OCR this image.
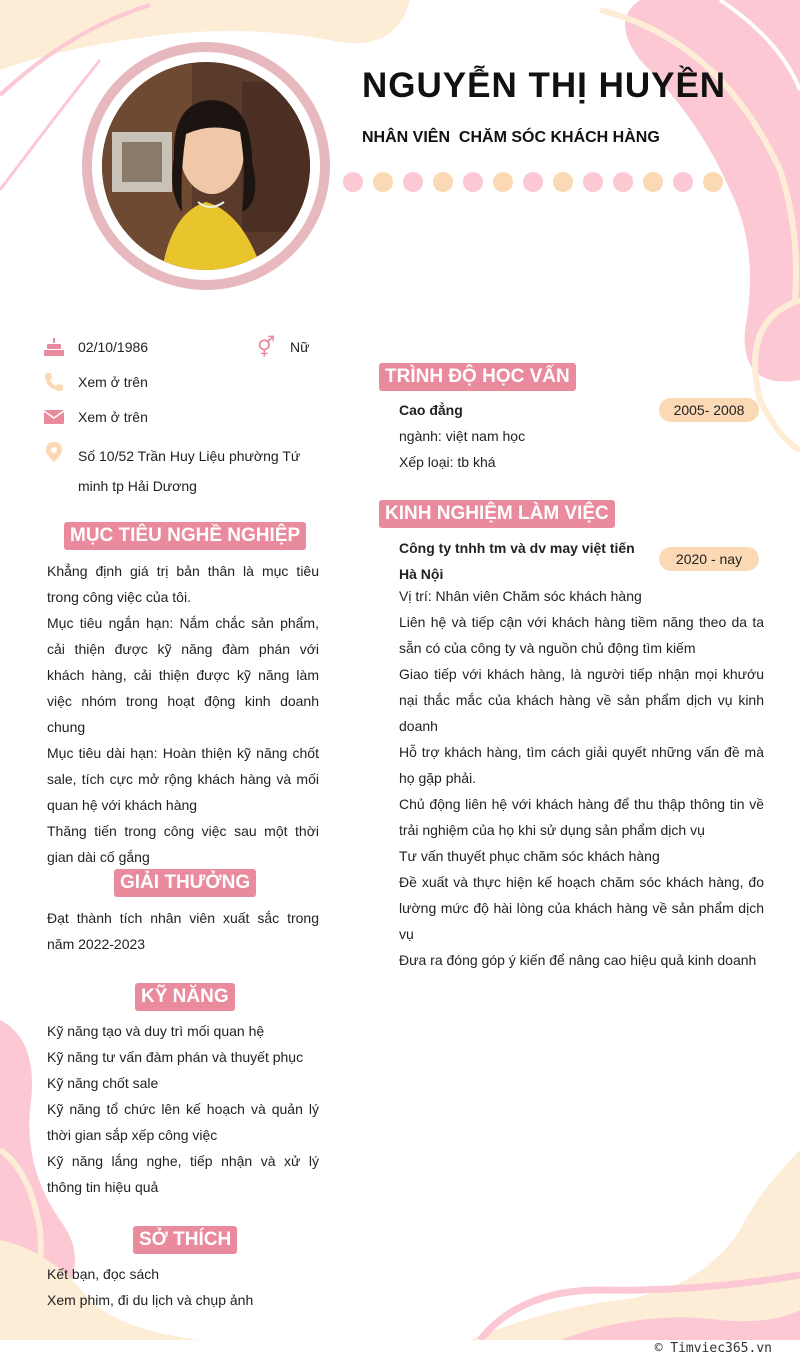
NGUYỄN THỊ HUYỀN
NHÂN VIÊN  CHĂM SÓC KHÁCH HÀNG
02/10/1986	⚥ Nữ
Xem ở trên
Xem ở trên
Số 10/52 Trần Huy Liệu phường Tứ minh tp Hải Dương
MỤC TIÊU NGHỀ NGHIỆP
Khẳng định giá trị bản thân là mục tiêu trong công việc của tôi.
Mục tiêu ngắn hạn: Nắm chắc sản phẩm, cải thiện được kỹ năng đàm phán với khách hàng, cải thiện được kỹ năng làm việc nhóm trong hoạt động kinh doanh chung
Mục tiêu dài hạn: Hoàn thiện kỹ năng chốt sale, tích cực mở rộng khách hàng và mối quan hệ với khách hàng
Thăng tiến trong công việc sau một thời gian dài cố gắng
GIẢI THƯỞNG
Đạt thành tích nhân viên xuất sắc trong năm 2022-2023
KỸ NĂNG
Kỹ năng tạo và duy trì mối quan hệ
Kỹ năng tư vấn đàm phán và thuyết phục
Kỹ năng chốt sale
Kỹ năng tổ chức lên kế hoạch và quản lý thời gian sắp xếp công việc
Kỹ năng lắng nghe, tiếp nhận và xử lý thông tin hiệu quả
SỞ THÍCH
Kết bạn, đọc sách
Xem phim, đi du lịch và chụp ảnh
TRÌNH ĐỘ HỌC VẤN
2005- 2008
Cao đẳng
ngành: việt nam học
Xếp loại: tb khá
KINH NGHIỆM LÀM VIỆC
2020 - nay
Công ty tnhh tm và dv may việt tiến Hà Nội
Vị trí: Nhân viên Chăm sóc khách hàng
Liên hệ và tiếp cận với khách hàng tiềm năng theo da ta sẵn có của công ty và nguồn chủ động tìm kiếm
Giao tiếp với khách hàng, là người tiếp nhận mọi khướu nại thắc mắc của khách hàng về sản phẩm dịch vụ kinh doanh
Hỗ trợ khách hàng, tìm cách giải quyết những vấn đề mà họ gặp phải.
Chủ động liên hệ với khách hàng để thu thập thông tin về trải nghiệm của họ khi sử dụng sản phẩm dịch vụ
Tư vấn thuyết phục chăm sóc khách hàng
Đề xuất và thực hiện kế hoạch chăm sóc khách hàng, đo lường mức độ hài lòng của khách hàng về sản phẩm dịch vụ
Đưa ra đóng góp ý kiến để nâng cao hiệu quả kinh doanh
© Timviec365.vn
